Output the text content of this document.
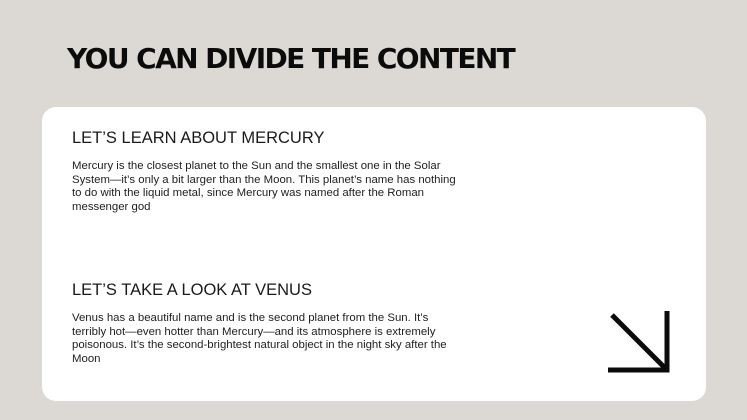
YOU CAN DIVIDE THE CONTENT
LET’S LEARN ABOUT MERCURY

Mercury is the closest planet to the Sun and the smallest one in the Solar System—it’s only a bit larger than the Moon. This planet’s name has nothing to do with the liquid metal, since Mercury was named after the Roman messenger god

LET’S TAKE A LOOK AT VENUS

Venus has a beautiful name and is the second planet from the Sun. It’s terribly hot—even hotter than Mercury—and its atmosphere is extremely poisonous. It’s the second-brightest natural object in the night sky after the Moon
